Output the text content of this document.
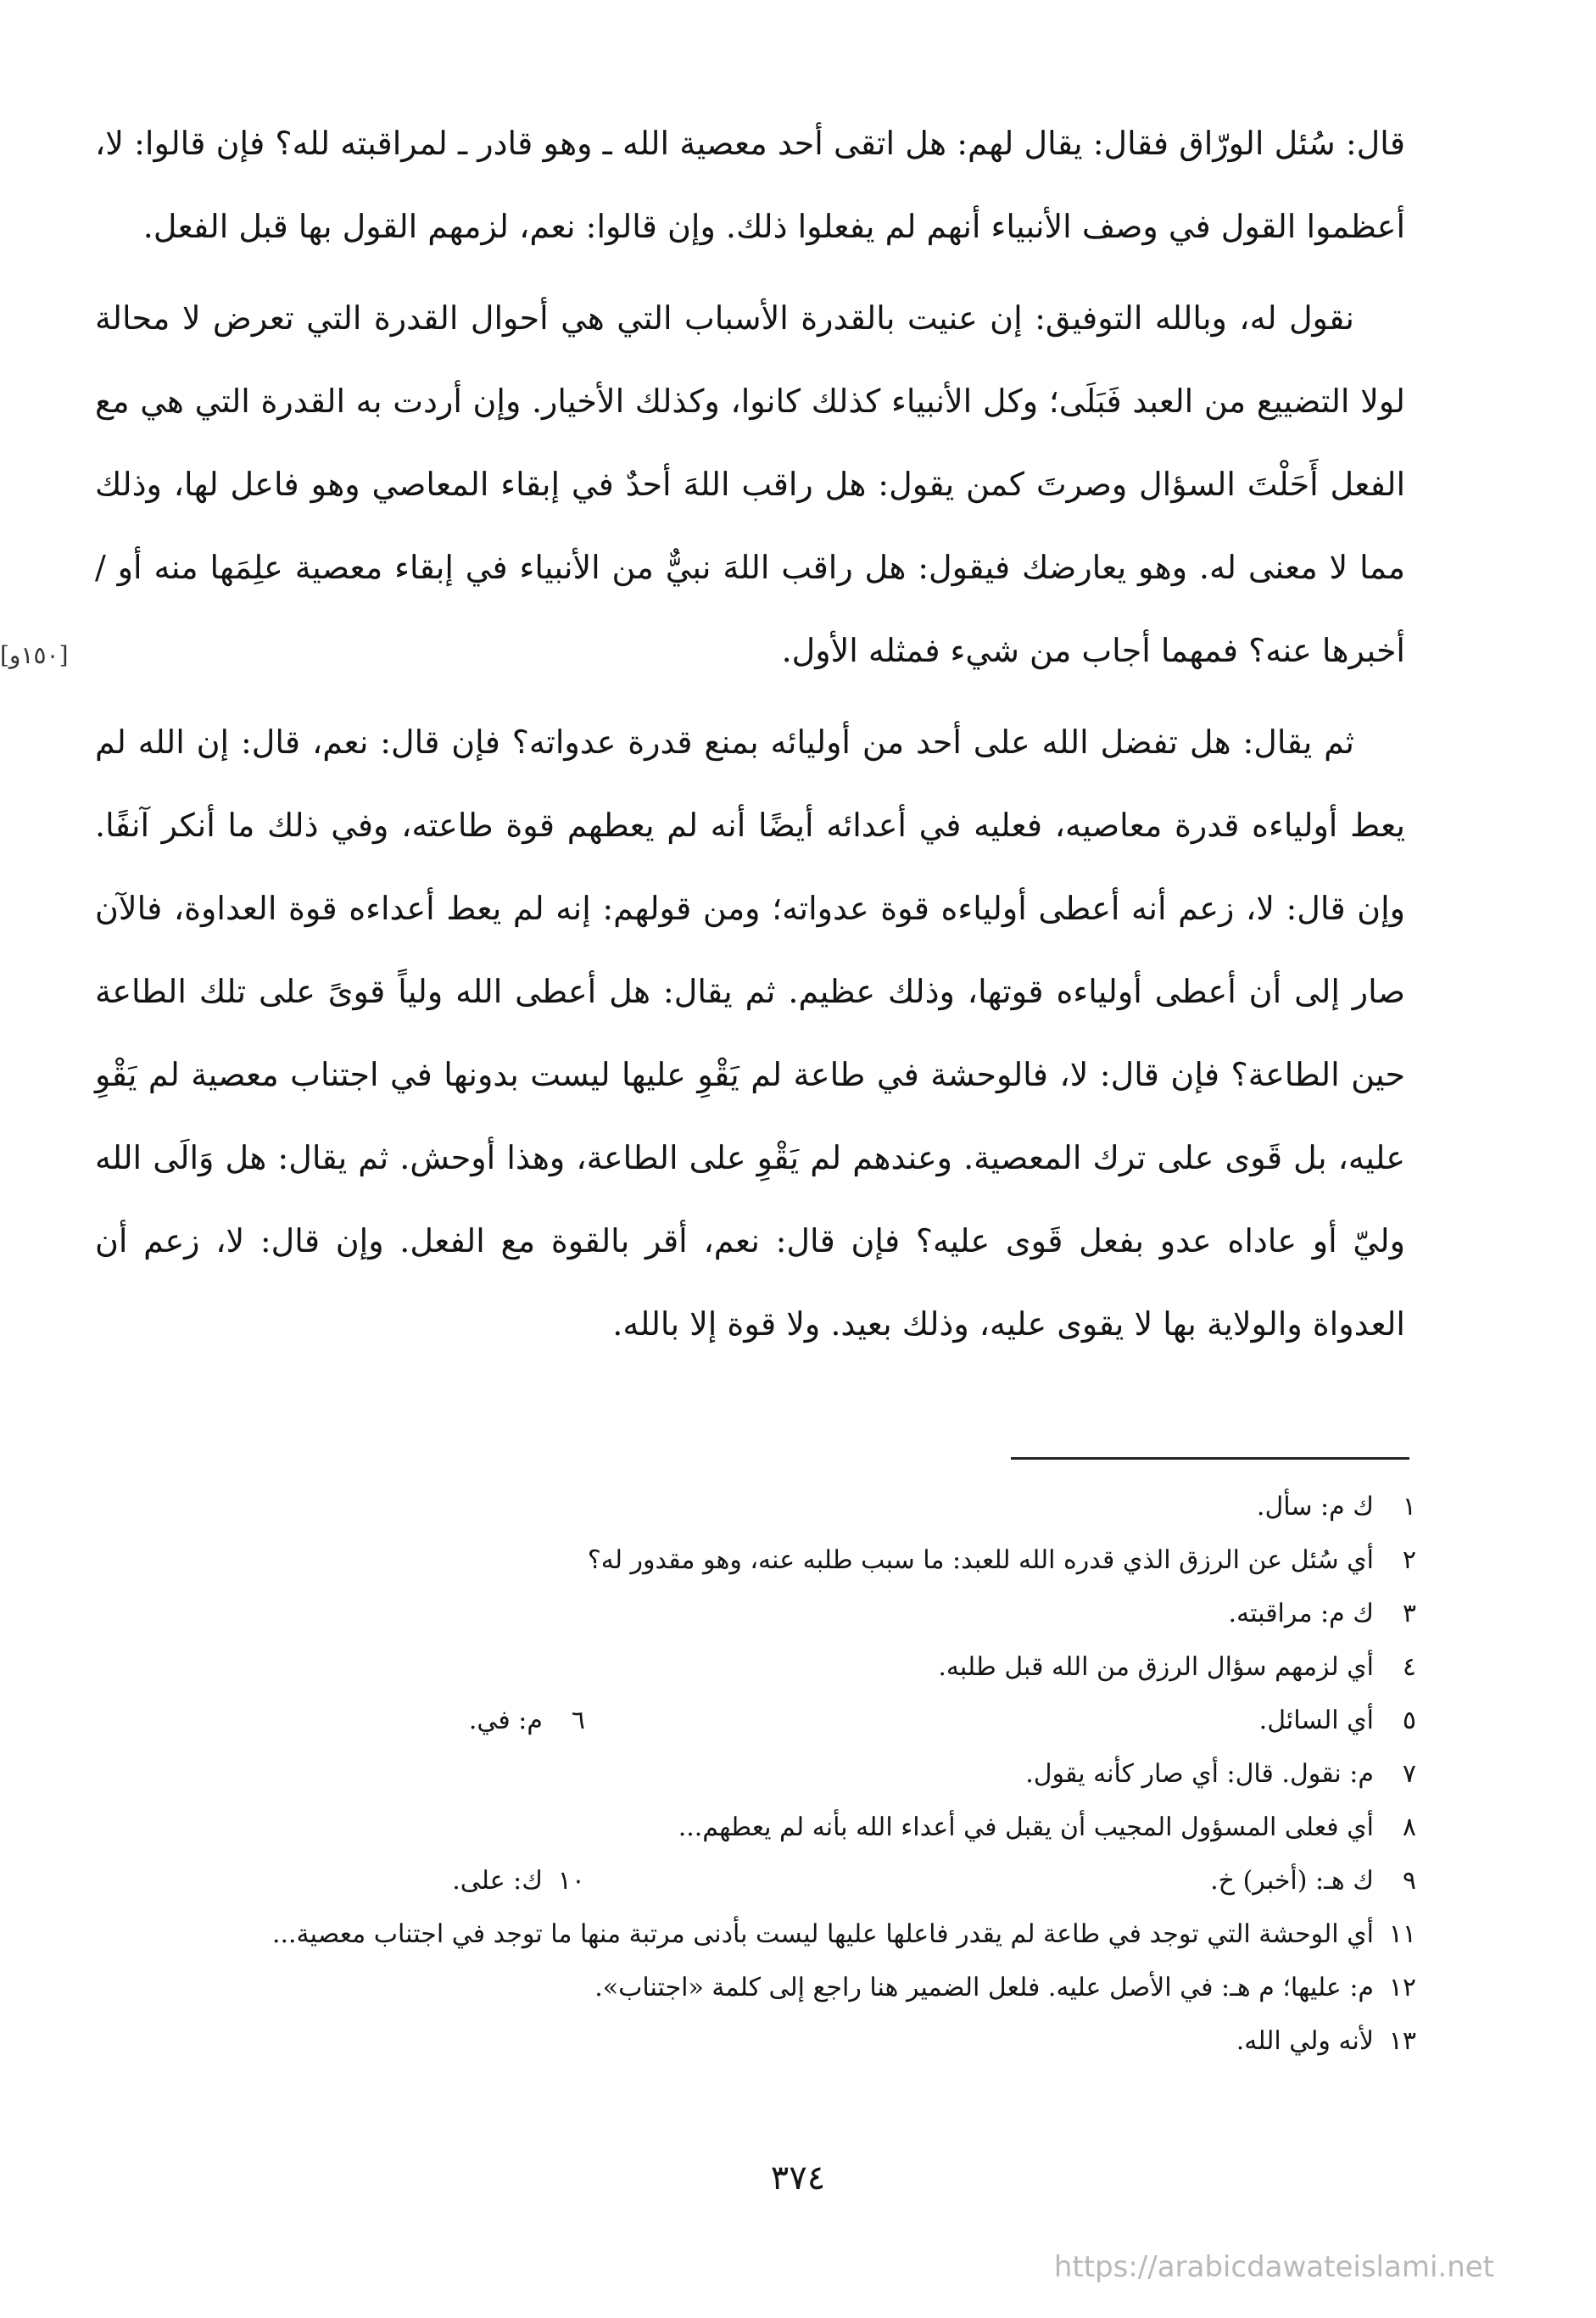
قال: سُئل الورّاق فقال: يقال لهم: هل اتقى أحد معصية الله ـ وهو قادر ـ لمراقبته لله؟ فإن قالوا: لا، أعظموا القول في وصف الأنبياء أنهم لم يفعلوا ذلك. وإن قالوا: نعم، لزمهم القول بها قبل الفعل.

نقول له، وبالله التوفيق: إن عنيت بالقدرة الأسباب التي هي أحوال القدرة التي تعرض لا محالة لولا التضييع من العبد فَبَلَى؛ وكل الأنبياء كذلك كانوا، وكذلك الأخيار. وإن أردت به القدرة التي هي مع الفعل أَحَلْتَ السؤال وصرتَ كمن يقول: هل راقب اللهَ أحدٌ في إبقاء المعاصي وهو فاعل لها، وذلك مما لا معنى له. وهو يعارضك فيقول: هل راقب اللهَ نبيٌّ من الأنبياء في إبقاء معصية علِمَها منه أو / أخبرها عنه؟ فمهما أجاب من شيء فمثله الأول.

ثم يقال: هل تفضل الله على أحد من أوليائه بمنع قدرة عدواته؟ فإن قال: نعم، قال: إن الله لم يعط أولياءه قدرة معاصيه، فعليه في أعدائه أيضًا أنه لم يعطهم قوة طاعته، وفي ذلك ما أنكر آنفًا. وإن قال: لا، زعم أنه أعطى أولياءه قوة عدواته؛ ومن قولهم: إنه لم يعط أعداءه قوة العداوة، فالآن صار إلى أن أعطى أولياءه قوتها، وذلك عظيم. ثم يقال: هل أعطى الله ولياً قوىً على تلك الطاعة حين الطاعة؟ فإن قال: لا، فالوحشة في طاعة لم يَقْوِ عليها ليست بدونها في اجتناب معصية لم يَقْوِ عليه، بل قَوى على ترك المعصية. وعندهم لم يَقْوِ على الطاعة، وهذا أوحش. ثم يقال: هل وَالَى الله وليّ أو عاداه عدو بفعل قَوى عليه؟ فإن قال: نعم، أقر بالقوة مع الفعل. وإن قال: لا، زعم أن العدواة والولاية بها لا يقوى عليه، وذلك بعيد. ولا قوة إلا بالله.

[١٥٠و]
١
ك م: سأل.
٢
أي سُئل عن الرزق الذي قدره الله للعبد: ما سبب طلبه عنه، وهو مقدور له؟
٣
ك م: مراقبته.
٤
أي لزمهم سؤال الرزق من الله قبل طلبه.
٥
أي السائل.
٦
م: في.
٧
م: نقول. قال: أي صار كأنه يقول.
٨
أي فعلى المسؤول المجيب أن يقبل في أعداء الله بأنه لم يعطهم...
٩
ك هـ: (أخبر) خ.
١٠
ك: على.
١١
أي الوحشة التي توجد في طاعة لم يقدر فاعلها عليها ليست بأدنى مرتبة منها ما توجد في اجتناب معصية...
١٢
م: عليها؛ م هـ: في الأصل عليه. فلعل الضمير هنا راجع إلى كلمة «اجتناب».
١٣
لأنه ولي الله.
٣٧٤
https://arabicdawateislami.net
